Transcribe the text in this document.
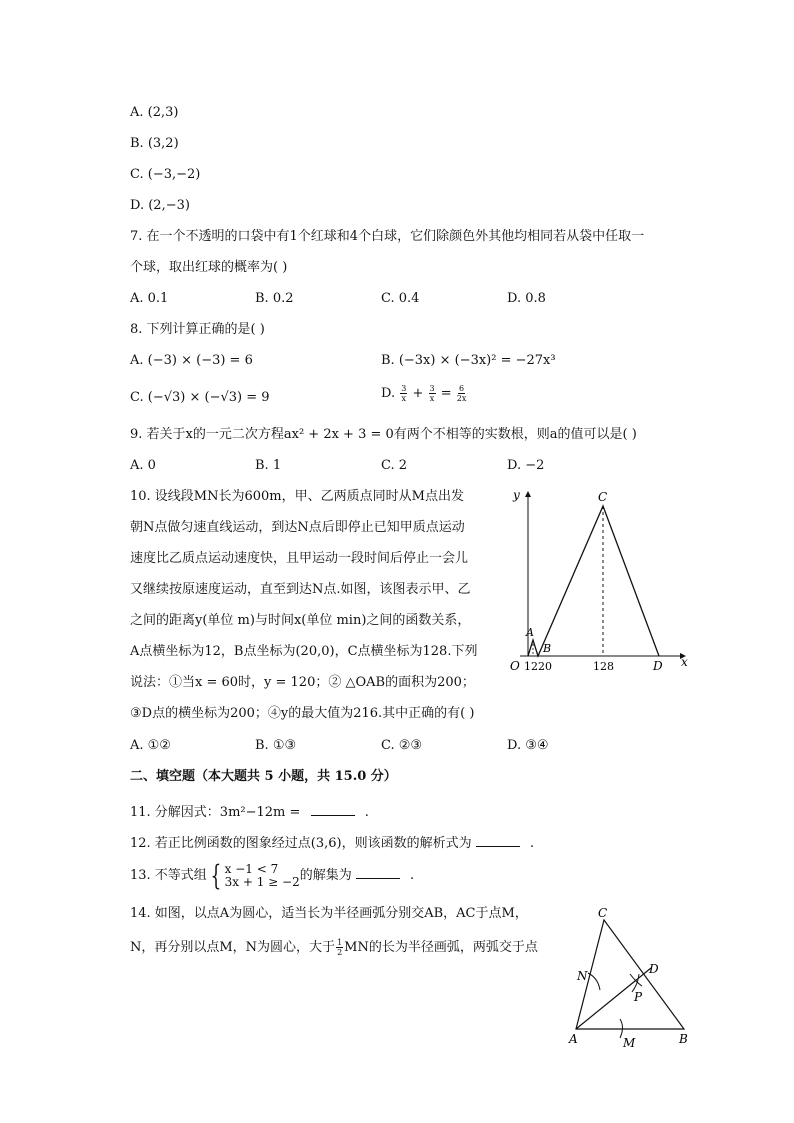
A. (2,3)
B. (3,2)
C. (−3,−2)
D. (2,−3)
7. 在一个不透明的口袋中有1个红球和4个白球，它们除颜色外其他均相同若从袋中任取一
个球，取出红球的概率为( )
A. 0.1	B. 0.2	C. 0.4	D. 0.8
8. 下列计算正确的是( )
A. (−3) × (−3) = 6	B. (−3x) × (−3x)² = −27x³
C. (−√3) × (−√3) = 9	D. $\frac{3}{x} + \frac{3}{x} = \frac{6}{2x}$
9. 若关于x的一元二次方程ax² + 2x + 3 = 0有两个不相等的实数根，则a的值可以是( )
A. 0	B. 1	C. 2	D. −2
10. 设线段MN长为600m，甲、乙两质点同时从M点出发
朝N点做匀速直线运动，到达N点后即停止已知甲质点运动
速度比乙质点运动速度快，且甲运动一段时间后停止一会儿
又继续按原速度运动，直至到达N点.如图，该图表示甲、乙
之间的距离y(单位 m)与时间x(单位 min)之间的函数关系，
A点横坐标为12，B点坐标为(20,0)，C点横坐标为128.下列
说法：①当x = 60时，y = 120；② △OAB的面积为200；
③D点的横坐标为200；④y的最大值为216.其中正确的有( )
A. ①②	B. ①③	C. ②③	D. ③④
y
x
O
A
B
C
D
1220	128
二、填空题（本大题共 5 小题，共 15.0 分）
11. 分解因式：3m²−12m =	.
12. 若正比例函数的图象经过点(3,6)，则该函数的解析式为	.
13. 不等式组 { x −1 < 7
3x + 1 ≥ −2 的解集为	.
14. 如图，以点A为圆心，适当长为半径画弧分别交AB，AC于点M，
N，再分别以点M，N为圆心，大于 $\frac{1}{2}$ MN的长为半径画弧，两弧交于点
C
N	D
P
A	M	B
